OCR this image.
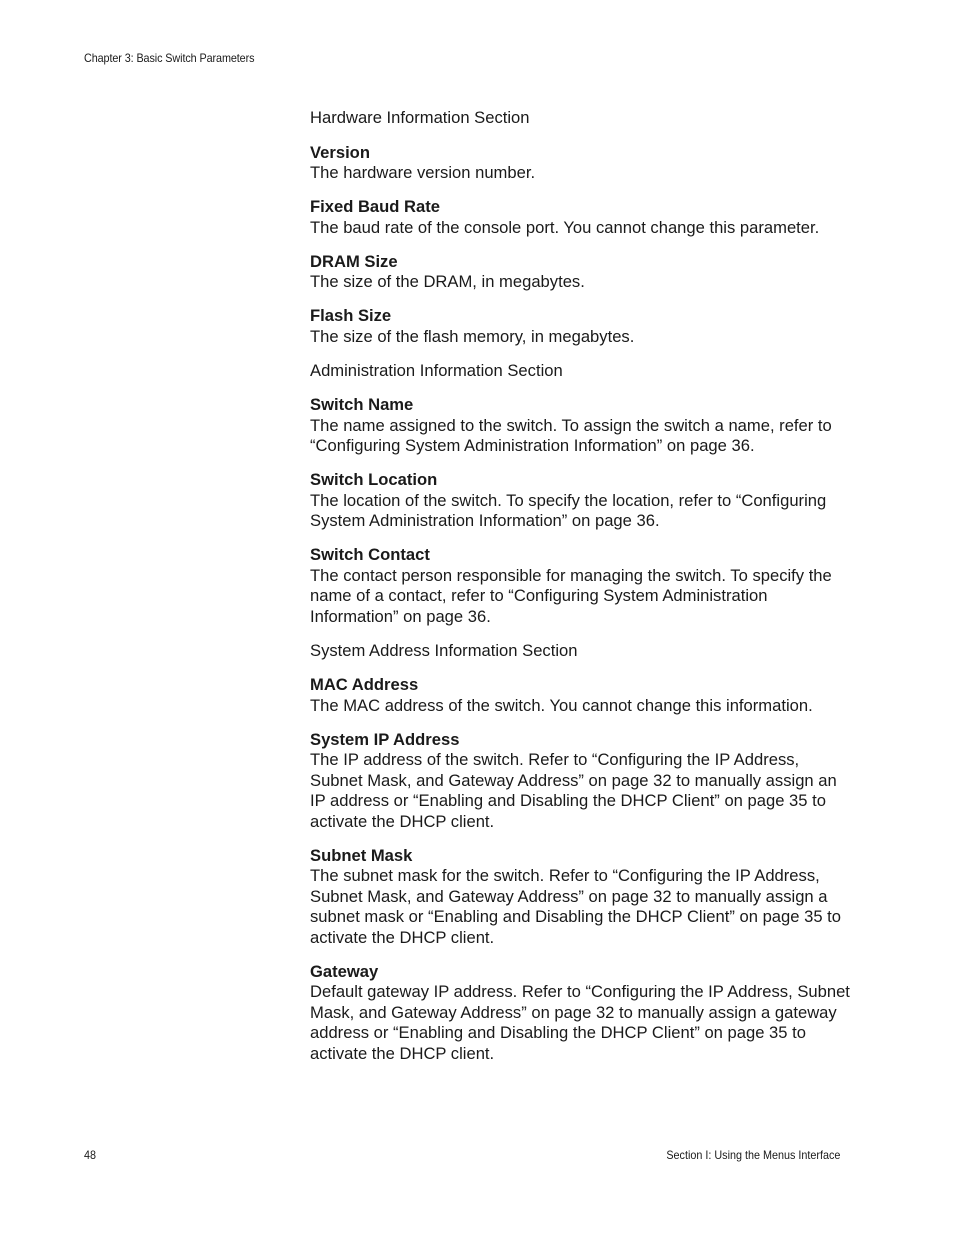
Chapter 3: Basic Switch Parameters

Hardware Information Section

Version

The hardware version number.

Fixed Baud Rate

The baud rate of the console port. You cannot change this parameter.

DRAM Size

The size of the DRAM, in megabytes.

Flash Size

The size of the flash memory, in megabytes.

Administration Information Section

Switch Name

The name assigned to the switch. To assign the switch a name, refer to “Configuring System Administration Information” on page 36.

Switch Location

The location of the switch. To specify the location, refer to “Configuring System Administration Information” on page 36.

Switch Contact

The contact person responsible for managing the switch. To specify the name of a contact, refer to “Configuring System Administration Information” on page 36.

System Address Information Section

MAC Address

The MAC address of the switch. You cannot change this information.

System IP Address

The IP address of the switch. Refer to “Configuring the IP Address, Subnet Mask, and Gateway Address” on page 32 to manually assign an IP address or “Enabling and Disabling the DHCP Client” on page 35 to activate the DHCP client.

Subnet Mask

The subnet mask for the switch. Refer to “Configuring the IP Address, Subnet Mask, and Gateway Address” on page 32 to manually assign a subnet mask or “Enabling and Disabling the DHCP Client” on page 35 to activate the DHCP client.

Gateway

Default gateway IP address. Refer to “Configuring the IP Address, Subnet Mask, and Gateway Address” on page 32 to manually assign a gateway address or “Enabling and Disabling the DHCP Client” on page 35 to activate the DHCP client.

48	Section I: Using the Menus Interface
